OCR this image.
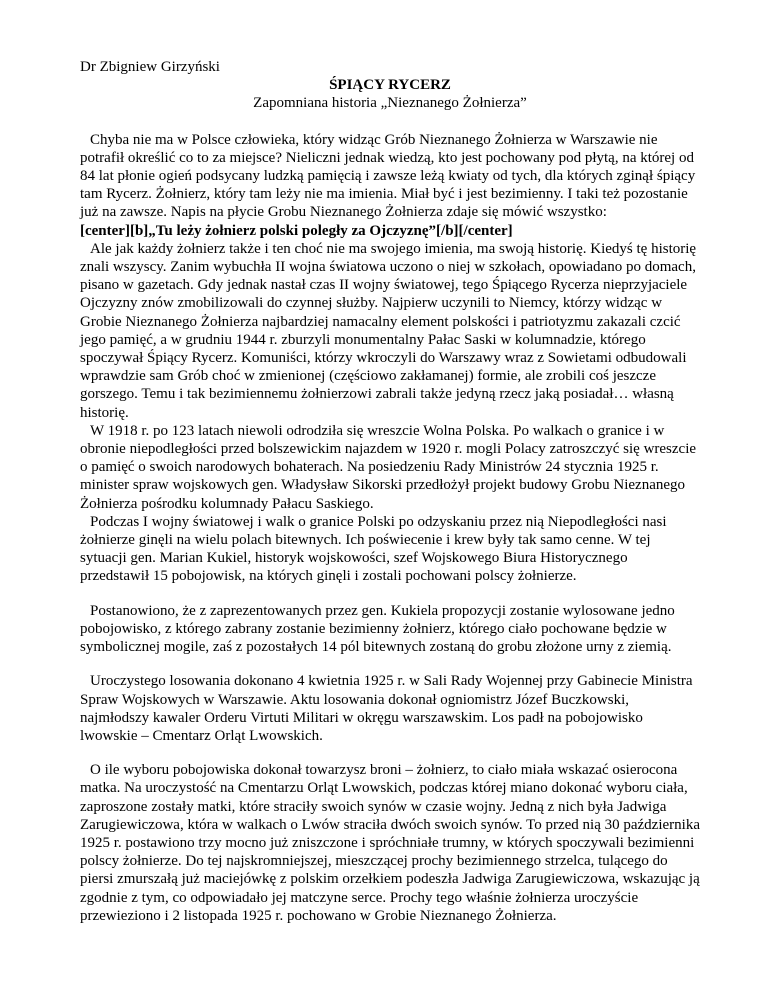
Dr Zbigniew Girzyński

ŚPIĄCY RYCERZ

Zapomniana historia „Nieznanego Żołnierza”

Chyba nie ma w Polsce człowieka, który widząc Grób Nieznanego Żołnierza w Warszawie nie potrafił określić co to za miejsce? Nieliczni jednak wiedzą, kto jest pochowany pod płytą, na której od 84 lat płonie ogień podsycany ludzką pamięcią i zawsze leżą kwiaty od tych, dla których zginął śpiący tam Rycerz. Żołnierz, który tam leży nie ma imienia. Miał być i jest bezimienny. I taki też pozostanie już na zawsze. Napis na płycie Grobu Nieznanego Żołnierza zdaje się mówić wszystko:

[center][b]„Tu leży żołnierz polski poległy za Ojczyznę”[/b][/center]

Ale jak każdy żołnierz także i ten choć nie ma swojego imienia, ma swoją historię. Kiedyś tę historię znali wszyscy. Zanim wybuchła II wojna światowa uczono o niej w szkołach, opowiadano po domach, pisano w gazetach. Gdy jednak nastał czas II wojny światowej, tego Śpiącego Rycerza nieprzyjaciele Ojczyzny znów zmobilizowali do czynnej służby. Najpierw uczynili to Niemcy, którzy widząc w Grobie Nieznanego Żołnierza najbardziej namacalny element polskości i patriotyzmu zakazali czcić jego pamięć, a w grudniu 1944 r. zburzyli monumentalny Pałac Saski w kolumnadzie, którego spoczywał Śpiący Rycerz. Komuniści, którzy wkroczyli do Warszawy wraz z Sowietami odbudowali wprawdzie sam Grób choć w zmienionej (częściowo zakłamanej) formie, ale zrobili coś jeszcze gorszego. Temu i tak bezimiennemu żołnierzowi zabrali także jedyną rzecz jaką posiadał… własną historię.

W 1918 r. po 123 latach niewoli odrodziła się wreszcie Wolna Polska. Po walkach o granice i w obronie niepodległości przed bolszewickim najazdem w 1920 r. mogli Polacy zatroszczyć się wreszcie o pamięć o swoich narodowych bohaterach. Na posiedzeniu Rady Ministrów 24 stycznia 1925 r. minister spraw wojskowych gen. Władysław Sikorski przedłożył projekt budowy Grobu Nieznanego Żołnierza pośrodku kolumnady Pałacu Saskiego.

Podczas I wojny światowej i walk o granice Polski po odzyskaniu przez nią Niepodległości nasi żołnierze ginęli na wielu polach bitewnych. Ich poświecenie i krew były tak samo cenne. W tej sytuacji gen. Marian Kukiel, historyk wojskowości, szef Wojskowego Biura Historycznego przedstawił 15 pobojowisk, na których ginęli i zostali pochowani polscy żołnierze.

Postanowiono, że z zaprezentowanych przez gen. Kukiela propozycji zostanie wylosowane jedno pobojowisko, z którego zabrany zostanie bezimienny żołnierz, którego ciało pochowane będzie w symbolicznej mogile, zaś z pozostałych 14 pól bitewnych zostaną do grobu złożone urny z ziemią.

Uroczystego losowania dokonano 4 kwietnia 1925 r. w Sali Rady Wojennej przy Gabinecie Ministra Spraw Wojskowych w Warszawie. Aktu losowania dokonał ogniomistrz Józef Buczkowski, najmłodszy kawaler Orderu Virtuti Militari w okręgu warszawskim. Los padł na pobojowisko lwowskie – Cmentarz Orląt Lwowskich.

O ile wyboru pobojowiska dokonał towarzysz broni – żołnierz, to ciało miała wskazać osierocona matka. Na uroczystość na Cmentarzu Orląt Lwowskich, podczas której miano dokonać wyboru ciała, zaproszone zostały matki, które straciły swoich synów w czasie wojny. Jedną z nich była Jadwiga Zarugiewiczowa, która w walkach o Lwów straciła dwóch swoich synów. To przed nią 30 października 1925 r. postawiono trzy mocno już zniszczone i spróchniałe trumny, w których spoczywali bezimienni polscy żołnierze. Do tej najskromniejszej, mieszczącej prochy bezimiennego strzelca, tulącego do piersi zmurszałą już maciejówkę z polskim orzełkiem podeszła Jadwiga Zarugiewiczowa, wskazując ją zgodnie z tym, co odpowiadało jej matczyne serce. Prochy tego właśnie żołnierza uroczyście przewieziono i 2 listopada 1925 r. pochowano w Grobie Nieznanego Żołnierza.
